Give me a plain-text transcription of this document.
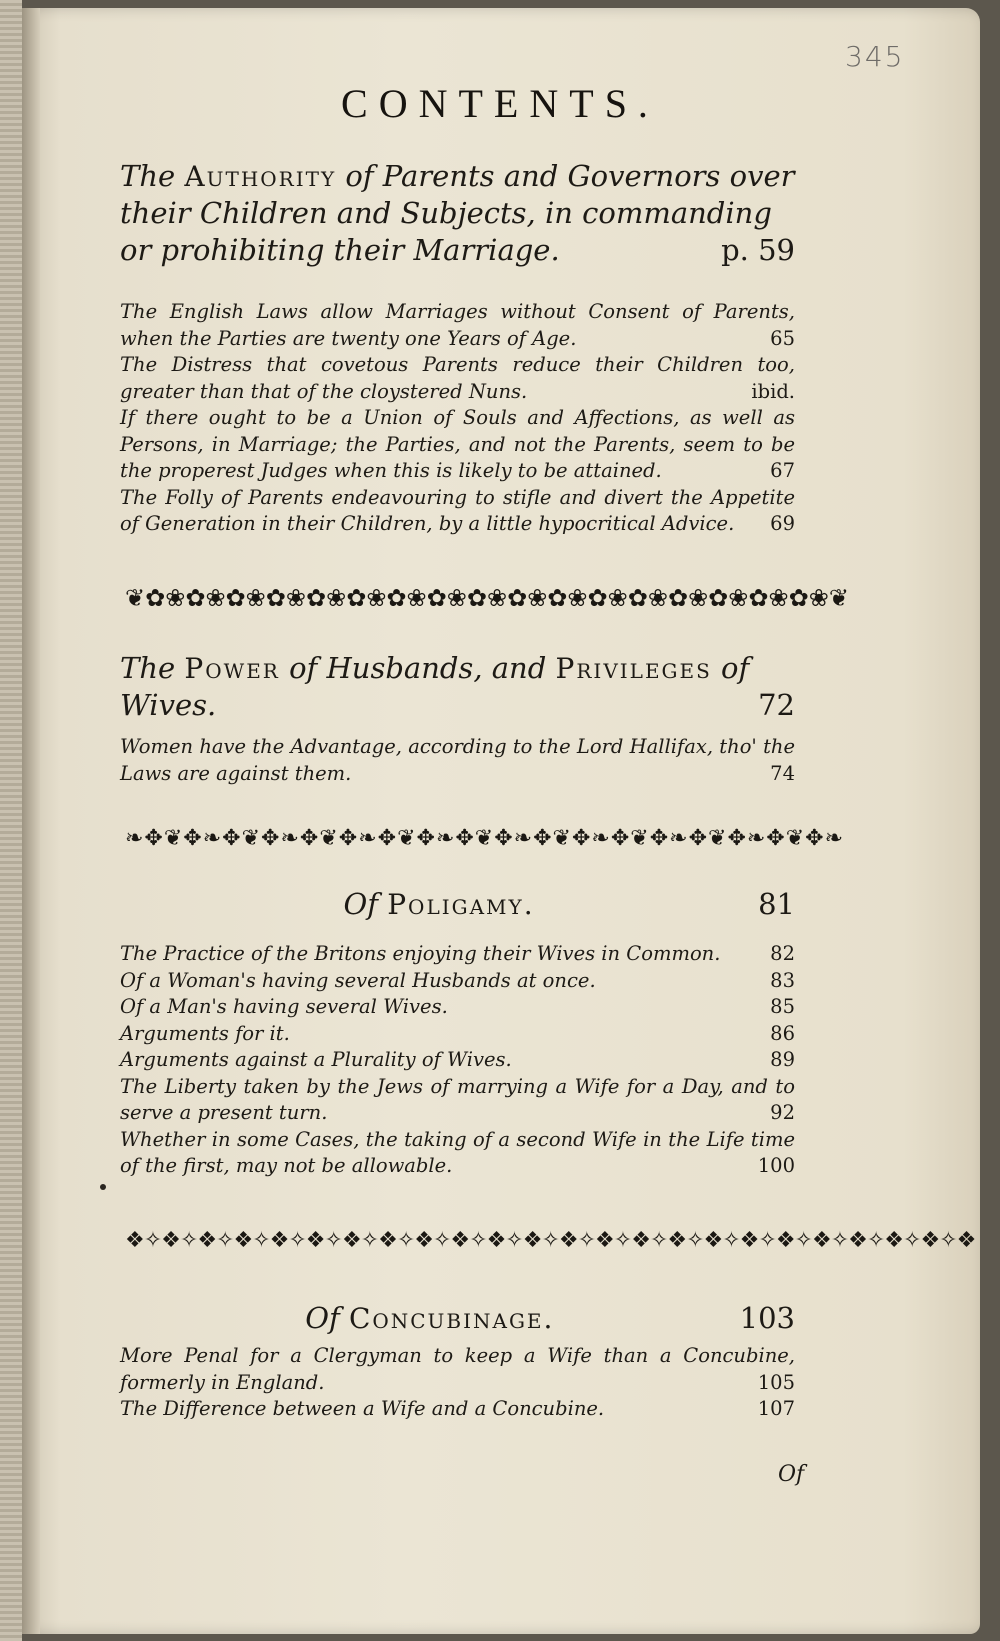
345
CONTENTS.
The Authority of Parents and Governors over their Children and Subjects, in commanding or prohibiting their Marriage.	p. 59
The English Laws allow Marriages without Consent of Parents, when the Parties are twenty one Years of Age.	65
The Distress that covetous Parents reduce their Children too, greater than that of the cloystered Nuns.	ibid.
If there ought to be a Union of Souls and Affections, as well as Persons, in Marriage; the Parties, and not the Parents, seem to be the properest Judges when this is likely to be attained.	67
The Folly of Parents endeavouring to stifle and divert the Appetite of Generation in their Children, by a little hypocritical Advice. 69
❦✿❀✿❀✿❀✿❀✿❀✿❀✿❀✿❀✿❀✿❀✿❀✿❀✿❀✿❀✿❀✿❀✿❀❦
The Power of Husbands, and Privileges of Wives.	72
Women have the Advantage, according to the Lord Hallifax, tho' the Laws are against them.	74
❧✥❦✥❧✥❦✥❧✥❦✥❧✥❦✥❧✥❦✥❧✥❦✥❧✥❦✥❧✥❦✥❧✥❦✥❧
Of Poligamy.	81
The Practice of the Britons enjoying their Wives in Common.	82
Of a Woman's having several Husbands at once.	83
Of a Man's having several Wives.	85
Arguments for it.	86
Arguments against a Plurality of Wives.	89
The Liberty taken by the Jews of marrying a Wife for a Day, and to serve a present turn.	92
Whether in some Cases, the taking of a second Wife in the Life time of the first, may not be allowable.	100
❖✧❖✧❖✧❖✧❖✧❖✧❖✧❖✧❖✧❖✧❖✧❖✧❖✧❖✧❖✧❖✧❖✧❖✧❖✧❖✧❖✧❖✧❖✧❖
Of Concubinage.	103
More Penal for a Clergyman to keep a Wife than a Concubine, formerly in England.	105
The Difference between a Wife and a Concubine.	107
Of
